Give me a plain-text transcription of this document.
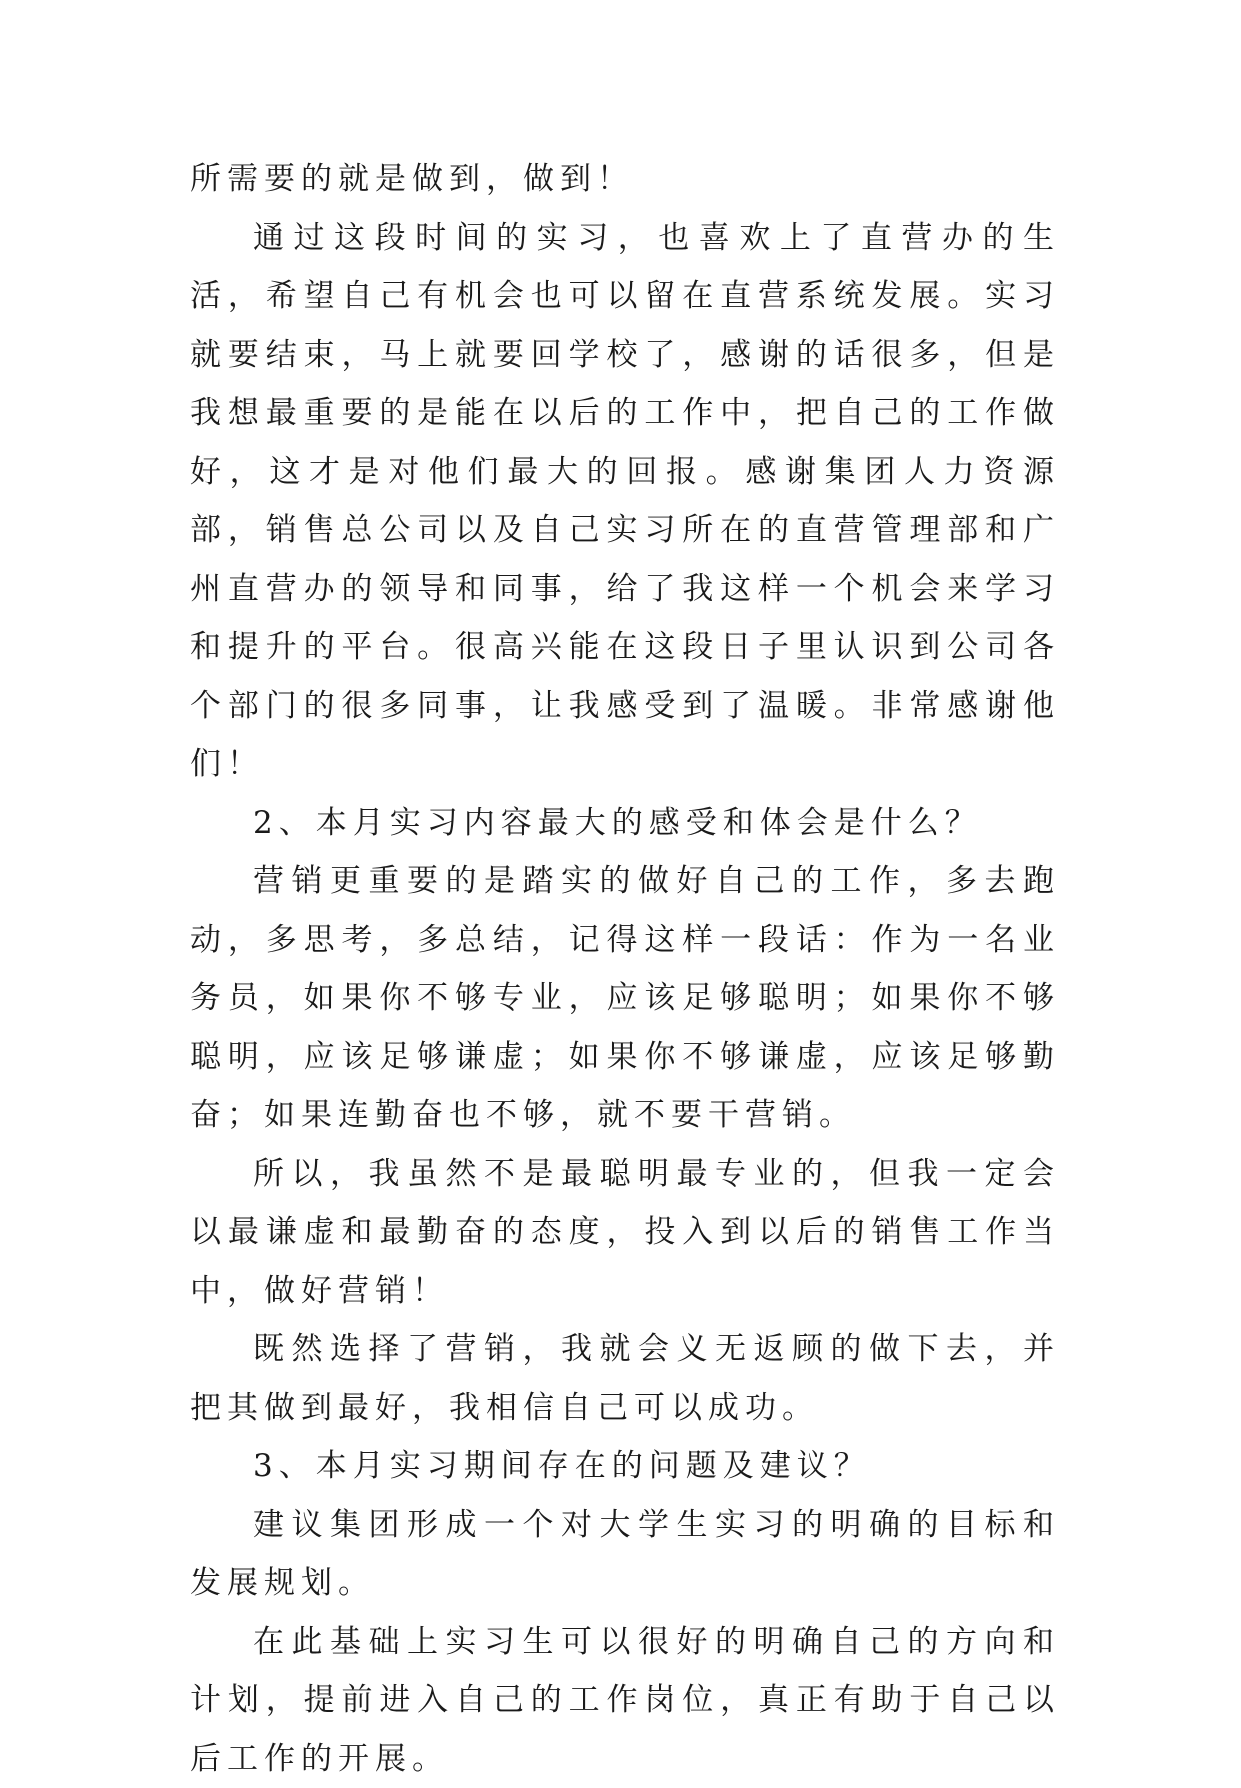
所需要的就是做到，做到！

通过这段时间的实习，也喜欢上了直营办的生活，希望自己有机会也可以留在直营系统发展。实习就要结束，马上就要回学校了，感谢的话很多，但是我想最重要的是能在以后的工作中，把自己的工作做好，这才是对他们最大的回报。感谢集团人力资源部，销售总公司以及自己实习所在的直营管理部和广州直营办的领导和同事，给了我这样一个机会来学习和提升的平台。很高兴能在这段日子里认识到公司各个部门的很多同事，让我感受到了温暖。非常感谢他们！

2、本月实习内容最大的感受和体会是什么？

营销更重要的是踏实的做好自己的工作，多去跑动，多思考，多总结，记得这样一段话：作为一名业务员，如果你不够专业，应该足够聪明；如果你不够聪明，应该足够谦虚；如果你不够谦虚，应该足够勤奋；如果连勤奋也不够，就不要干营销。

所以，我虽然不是最聪明最专业的，但我一定会以最谦虚和最勤奋的态度，投入到以后的销售工作当中，做好营销！

既然选择了营销，我就会义无返顾的做下去，并把其做到最好，我相信自己可以成功。

3、本月实习期间存在的问题及建议？

建议集团形成一个对大学生实习的明确的目标和发展规划。

在此基础上实习生可以很好的明确自己的方向和计划，提前进入自己的工作岗位，真正有助于自己以后工作的开展。
